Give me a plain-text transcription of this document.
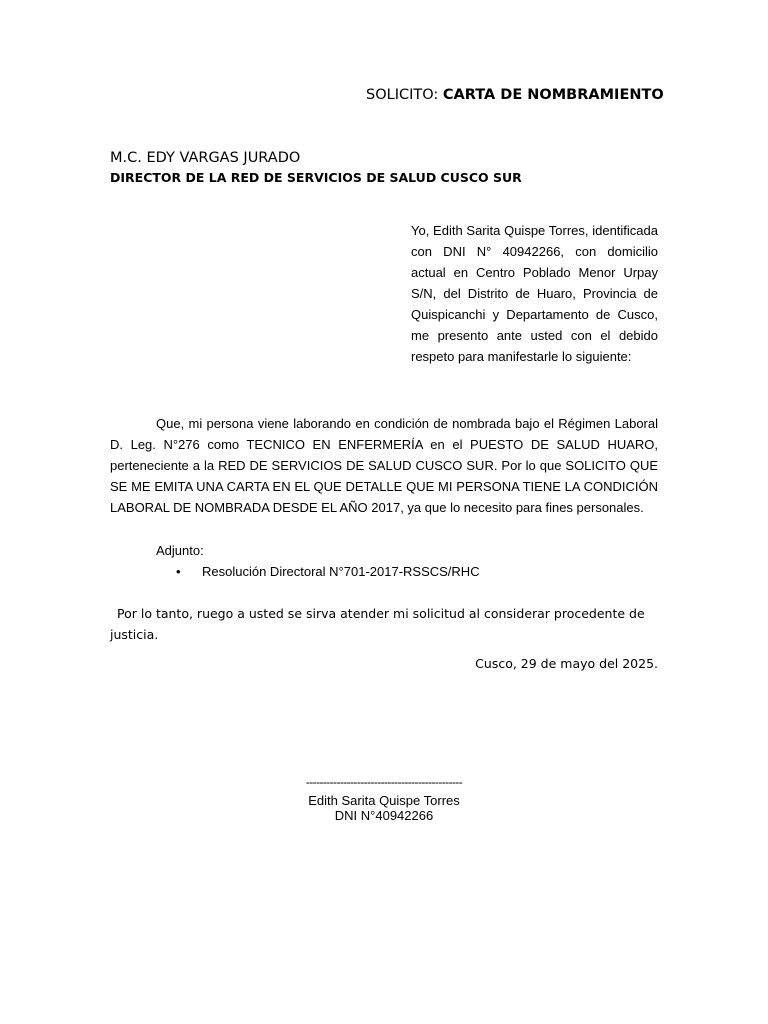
SOLICITO: CARTA DE NOMBRAMIENTO
M.C. EDY VARGAS JURADO
DIRECTOR DE LA RED DE SERVICIOS DE SALUD CUSCO SUR
Yo, Edith Sarita Quispe Torres, identificada con DNI N° 40942266, con domicilio actual en Centro Poblado Menor Urpay S/N, del Distrito de Huaro, Provincia de Quispicanchi y Departamento de Cusco, me presento ante usted con el debido respeto para manifestarle lo siguiente:

Que, mi persona viene laborando en condición de nombrada bajo el Régimen Laboral D. Leg. N°276 como TECNICO EN ENFERMERÍA en el PUESTO DE SALUD HUARO, perteneciente a la RED DE SERVICIOS DE SALUD CUSCO SUR. Por lo que SOLICITO QUE SE ME EMITA UNA CARTA EN EL QUE DETALLE QUE MI PERSONA TIENE LA CONDICIÓN LABORAL DE NOMBRADA DESDE EL AÑO 2017, ya que lo necesito para fines personales.

Adjunto:
• Resolución Directoral N°701-2017-RSSCS/RHC
Por lo tanto, ruego a usted se sirva atender mi solicitud al considerar procedente de justicia.
Cusco, 29 de mayo del 2025.
----------------------------------------------
Edith Sarita Quispe Torres
DNI N°40942266
